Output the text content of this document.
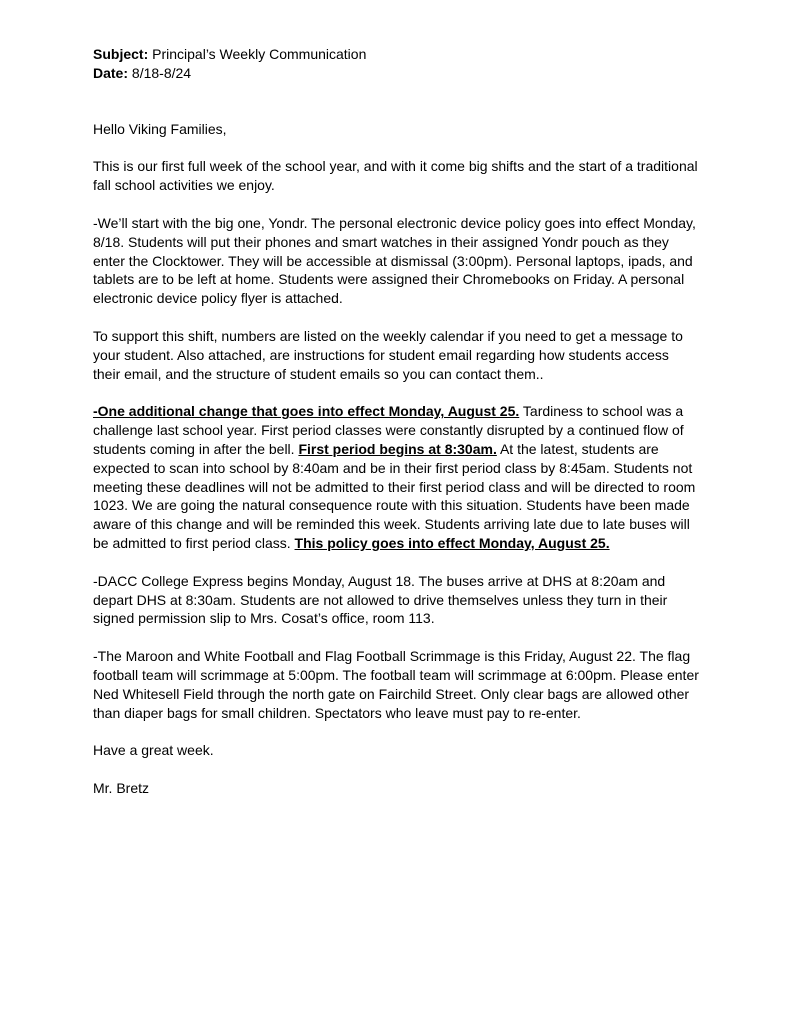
Subject: Principal’s Weekly Communication

Date: 8/18-8/24

Hello Viking Families,

This is our first full week of the school year, and with it come big shifts and the start of a traditional fall school activities we enjoy.

-We’ll start with the big one, Yondr. The personal electronic device policy goes into effect Monday, 8/18. Students will put their phones and smart watches in their assigned Yondr pouch as they enter the Clocktower. They will be accessible at dismissal (3:00pm). Personal laptops, ipads, and tablets are to be left at home. Students were assigned their Chromebooks on Friday. A personal electronic device policy flyer is attached.

To support this shift, numbers are listed on the weekly calendar if you need to get a message to your student. Also attached, are instructions for student email regarding how students access their email, and the structure of student emails so you can contact them..

-One additional change that goes into effect Monday, August 25. Tardiness to school was a challenge last school year. First period classes were constantly disrupted by a continued flow of students coming in after the bell. First period begins at 8:30am. At the latest, students are expected to scan into school by 8:40am and be in their first period class by 8:45am. Students not meeting these deadlines will not be admitted to their first period class and will be directed to room 1023. We are going the natural consequence route with this situation. Students have been made aware of this change and will be reminded this week. Students arriving late due to late buses will be admitted to first period class. This policy goes into effect Monday, August 25.

-DACC College Express begins Monday, August 18. The buses arrive at DHS at 8:20am and depart DHS at 8:30am. Students are not allowed to drive themselves unless they turn in their signed permission slip to Mrs. Cosat’s office, room 113.

-The Maroon and White Football and Flag Football Scrimmage is this Friday, August 22. The flag football team will scrimmage at 5:00pm. The football team will scrimmage at 6:00pm. Please enter Ned Whitesell Field through the north gate on Fairchild Street. Only clear bags are allowed other than diaper bags for small children. Spectators who leave must pay to re-enter.

Have a great week.

Mr. Bretz
